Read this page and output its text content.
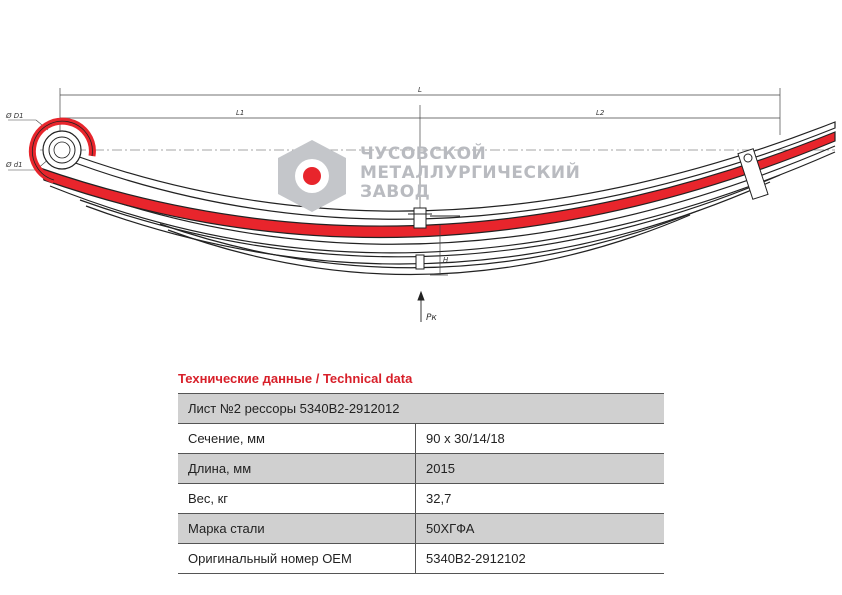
L
L1	L2
Ø D1
Ø d1
H
Pк
ЧУСОВСКОЙ
МЕТАЛЛУРГИЧЕСКИЙ
ЗАВОД
Технические данные / Technical data
Лист №2 рессоры 5340В2-2912012	
Сечение, мм	90 x 30/14/18
Длина, мм	2015
Вес, кг	32,7
Марка стали	50ХГФА
Оригинальный номер OEM	5340В2-2912102
